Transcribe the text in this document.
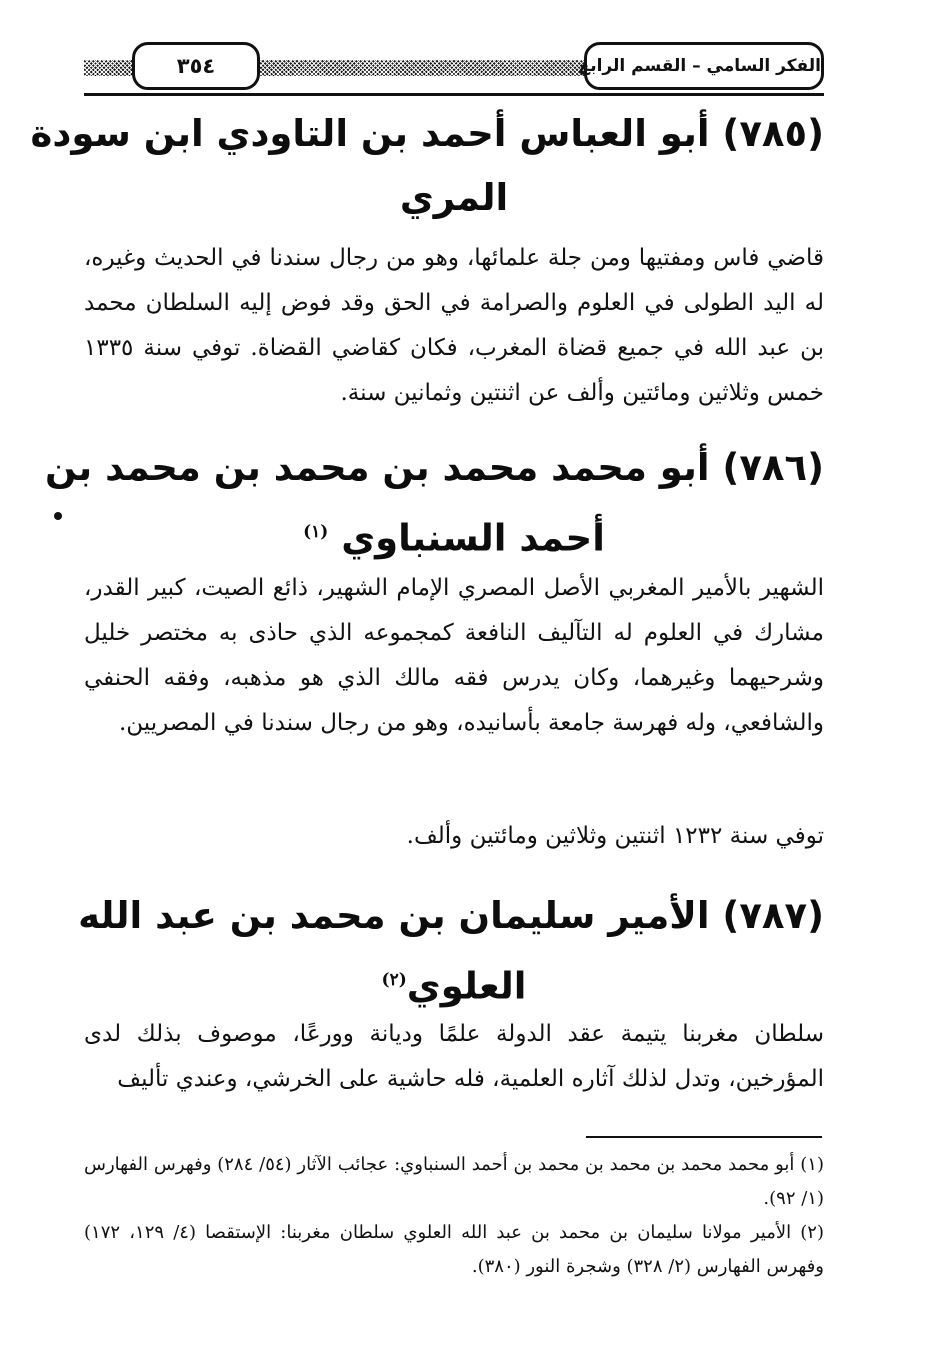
الفكر السامي – القسم الرابع
٣٥٤
(٧٨٥) أبو العباس أحمد بن التاودي ابن سودة
المري
قاضي فاس ومفتيها ومن جلة علمائها، وهو من رجال سندنا في الحديث وغيره، له اليد الطولى في العلوم والصرامة في الحق وقد فوض إليه السلطان محمد بن عبد الله في جميع قضاة المغرب، فكان كقاضي القضاة. توفي سنة ١٣٣٥ خمس وثلاثين ومائتين وألف عن اثنتين وثمانين سنة.
(٧٨٦) أبو محمد محمد بن محمد بن محمد بن
أحمد السنباوي $^{(١)}$
الشهير بالأمير المغربي الأصل المصري الإمام الشهير، ذائع الصيت، كبير القدر، مشارك في العلوم له التآليف النافعة كمجموعه الذي حاذى به مختصر خليل وشرحيهما وغيرهما، وكان يدرس فقه مالك الذي هو مذهبه، وفقه الحنفي والشافعي، وله فهرسة جامعة بأسانيده، وهو من رجال سندنا في المصريين.
توفي سنة ١٢٣٢ اثنتين وثلاثين ومائتين وألف.
(٧٨٧) الأمير سليمان بن محمد بن عبد الله
العلوي$^{(٢)}$
سلطان مغربنا يتيمة عقد الدولة علمًا وديانة وورعًا، موصوف بذلك لدى المؤرخين، وتدل لذلك آثاره العلمية، فله حاشية على الخرشي، وعندي تأليف
(١) أبو محمد محمد بن محمد بن محمد بن أحمد السنباوي: عجائب الآثار (٥٤/ ٢٨٤) وفهرس الفهارس (١/ ٩٢).
(٢) الأمير مولانا سليمان بن محمد بن عبد الله العلوي سلطان مغربنا: الإستقصا (٤/ ١٢٩، ١٧٢) وفهرس الفهارس (٢/ ٣٢٨) وشجرة النور (٣٨٠).
